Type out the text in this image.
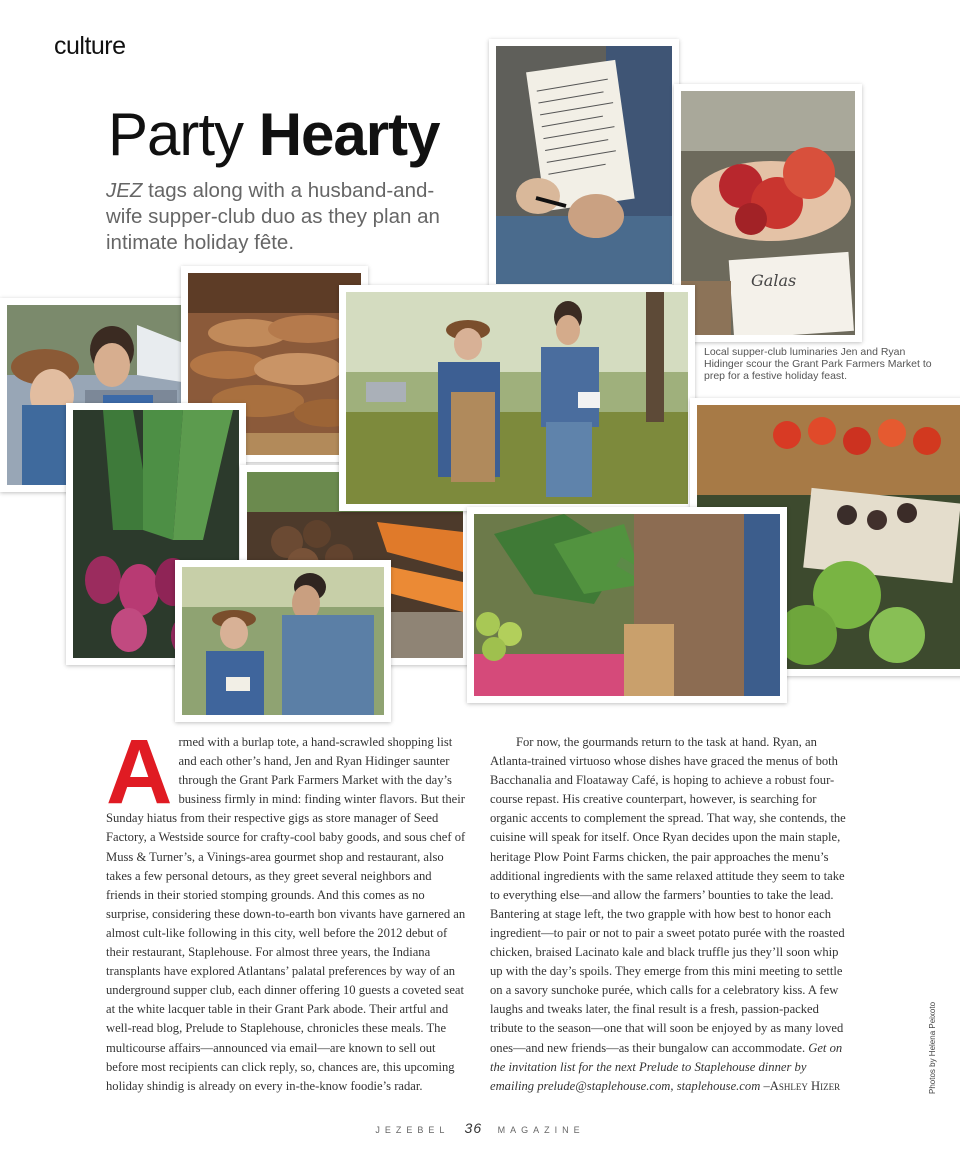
culture
Party Hearty
JEZ tags along with a husband-and-wife supper-club duo as they plan an intimate holiday fête.
Galas
Local supper-club luminaries Jen and Ryan Hidinger scour the Grant Park Farmers Market to prep for a festive holiday feast.
Armed with a burlap tote, a hand-scrawled shopping list and each other’s hand, Jen and Ryan Hidinger saunter through the Grant Park Farmers Market with the day’s business firmly in mind: finding winter flavors. But their Sunday hiatus from their respective gigs as store manager of Seed Factory, a Westside source for crafty-cool baby goods, and sous chef of Muss & Turner’s, a Vinings-area gourmet shop and restaurant, also takes a few personal detours, as they greet several neighbors and friends in their storied stomping grounds. And this comes as no surprise, considering these down-to-earth bon vivants have garnered an almost cult-like following in this city, well before the 2012 debut of their restaurant, Staplehouse. For almost three years, the Indiana transplants have explored Atlantans’ palatal preferences by way of an underground supper club, each dinner offering 10 guests a coveted seat at the white lacquer table in their Grant Park abode. Their artful and well-read blog, Prelude to Staplehouse, chronicles these meals. The multicourse affairs—announced via email—are known to sell out before most recipients can click reply, so, chances are, this upcoming holiday shindig is already on every in-the-know foodie’s radar.
For now, the gourmands return to the task at hand. Ryan, an Atlanta-trained virtuoso whose dishes have graced the menus of both Bacchanalia and Floataway Café, is hoping to achieve a robust four-course repast. His creative counterpart, however, is searching for organic accents to complement the spread. That way, she contends, the cuisine will speak for itself. Once Ryan decides upon the main staple, heritage Plow Point Farms chicken, the pair approaches the menu’s additional ingredients with the same relaxed attitude they seem to take to everything else—and allow the farmers’ bounties to take the lead. Bantering at stage left, the two grapple with how best to honor each ingredient—to pair or not to pair a sweet potato purée with the roasted chicken, braised Lacinato kale and black truffle jus they’ll soon whip up with the day’s spoils. They emerge from this mini meeting to settle on a savory sunchoke purée, which calls for a celebratory kiss. A few laughs and tweaks later, the final result is a fresh, passion-packed tribute to the season—one that will soon be enjoyed by as many loved ones—and new friends—as their bungalow can accommodate. Get on the invitation list for the next Prelude to Staplehouse dinner by emailing prelude@staplehouse.com, staplehouse.com –Ashley Hizer	Photos by Helena Peixoto
JEZEBEL 36 MAGAZINE
